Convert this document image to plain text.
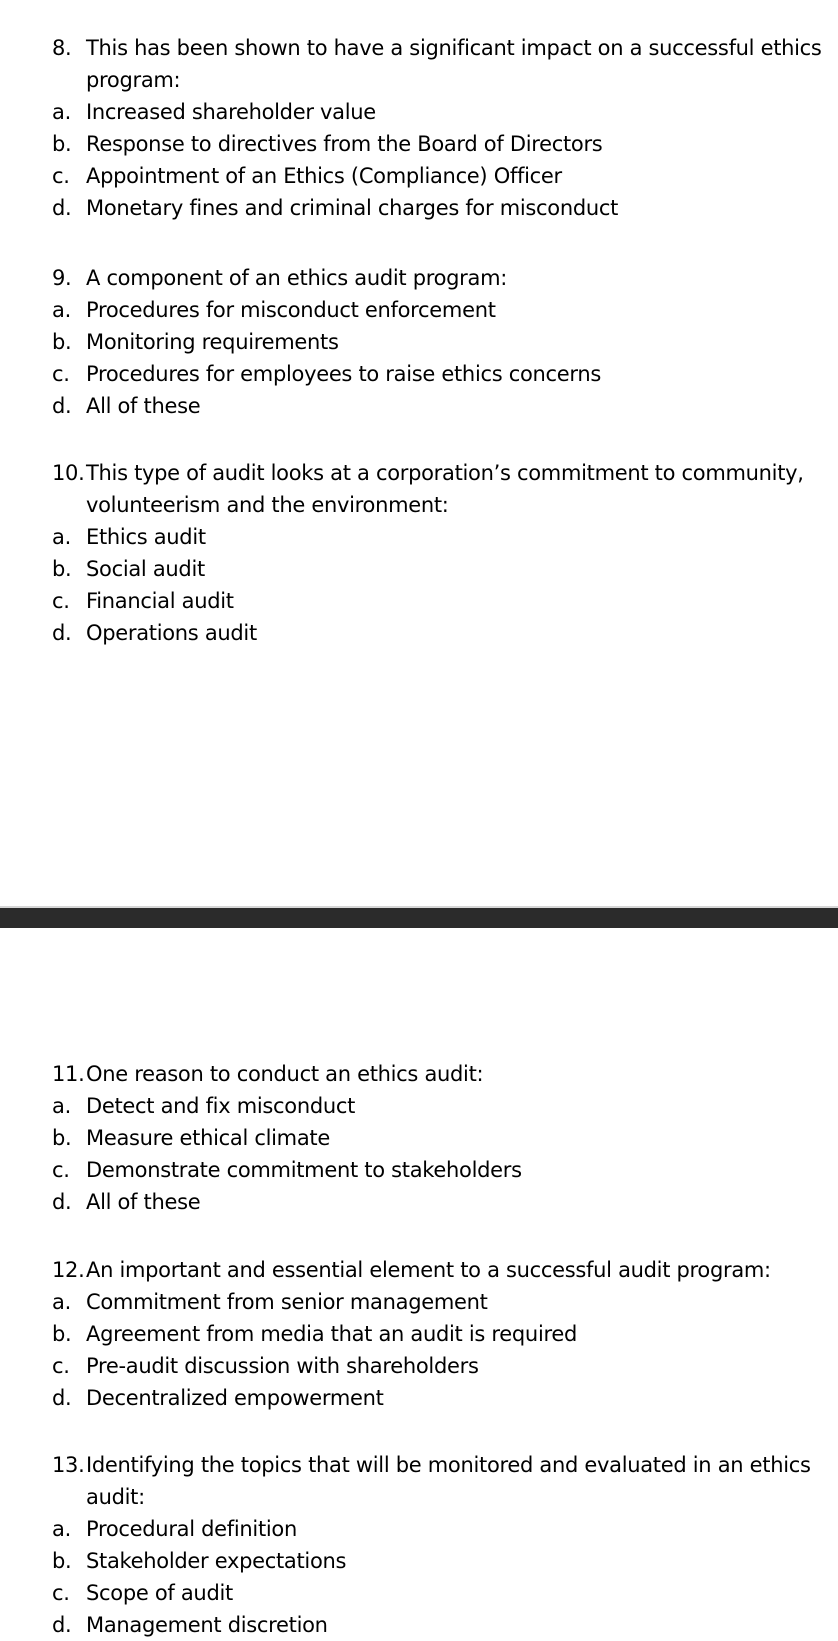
8. This has been shown to have a significant impact on a successful ethics program:
a. Increased shareholder value
b. Response to directives from the Board of Directors
c. Appointment of an Ethics (Compliance) Officer
d. Monetary fines and criminal charges for misconduct
9. A component of an ethics audit program:
a. Procedures for misconduct enforcement
b. Monitoring requirements
c. Procedures for employees to raise ethics concerns
d. All of these
10. This type of audit looks at a corporation’s commitment to community, volunteerism and the environment:
a. Ethics audit
b. Social audit
c. Financial audit
d. Operations audit
11. One reason to conduct an ethics audit:
a. Detect and fix misconduct
b. Measure ethical climate
c. Demonstrate commitment to stakeholders
d. All of these
12. An important and essential element to a successful audit program:
a. Commitment from senior management
b. Agreement from media that an audit is required
c. Pre-audit discussion with shareholders
d. Decentralized empowerment
13. Identifying the topics that will be monitored and evaluated in an ethics audit:
a. Procedural definition
b. Stakeholder expectations
c. Scope of audit
d. Management discretion
